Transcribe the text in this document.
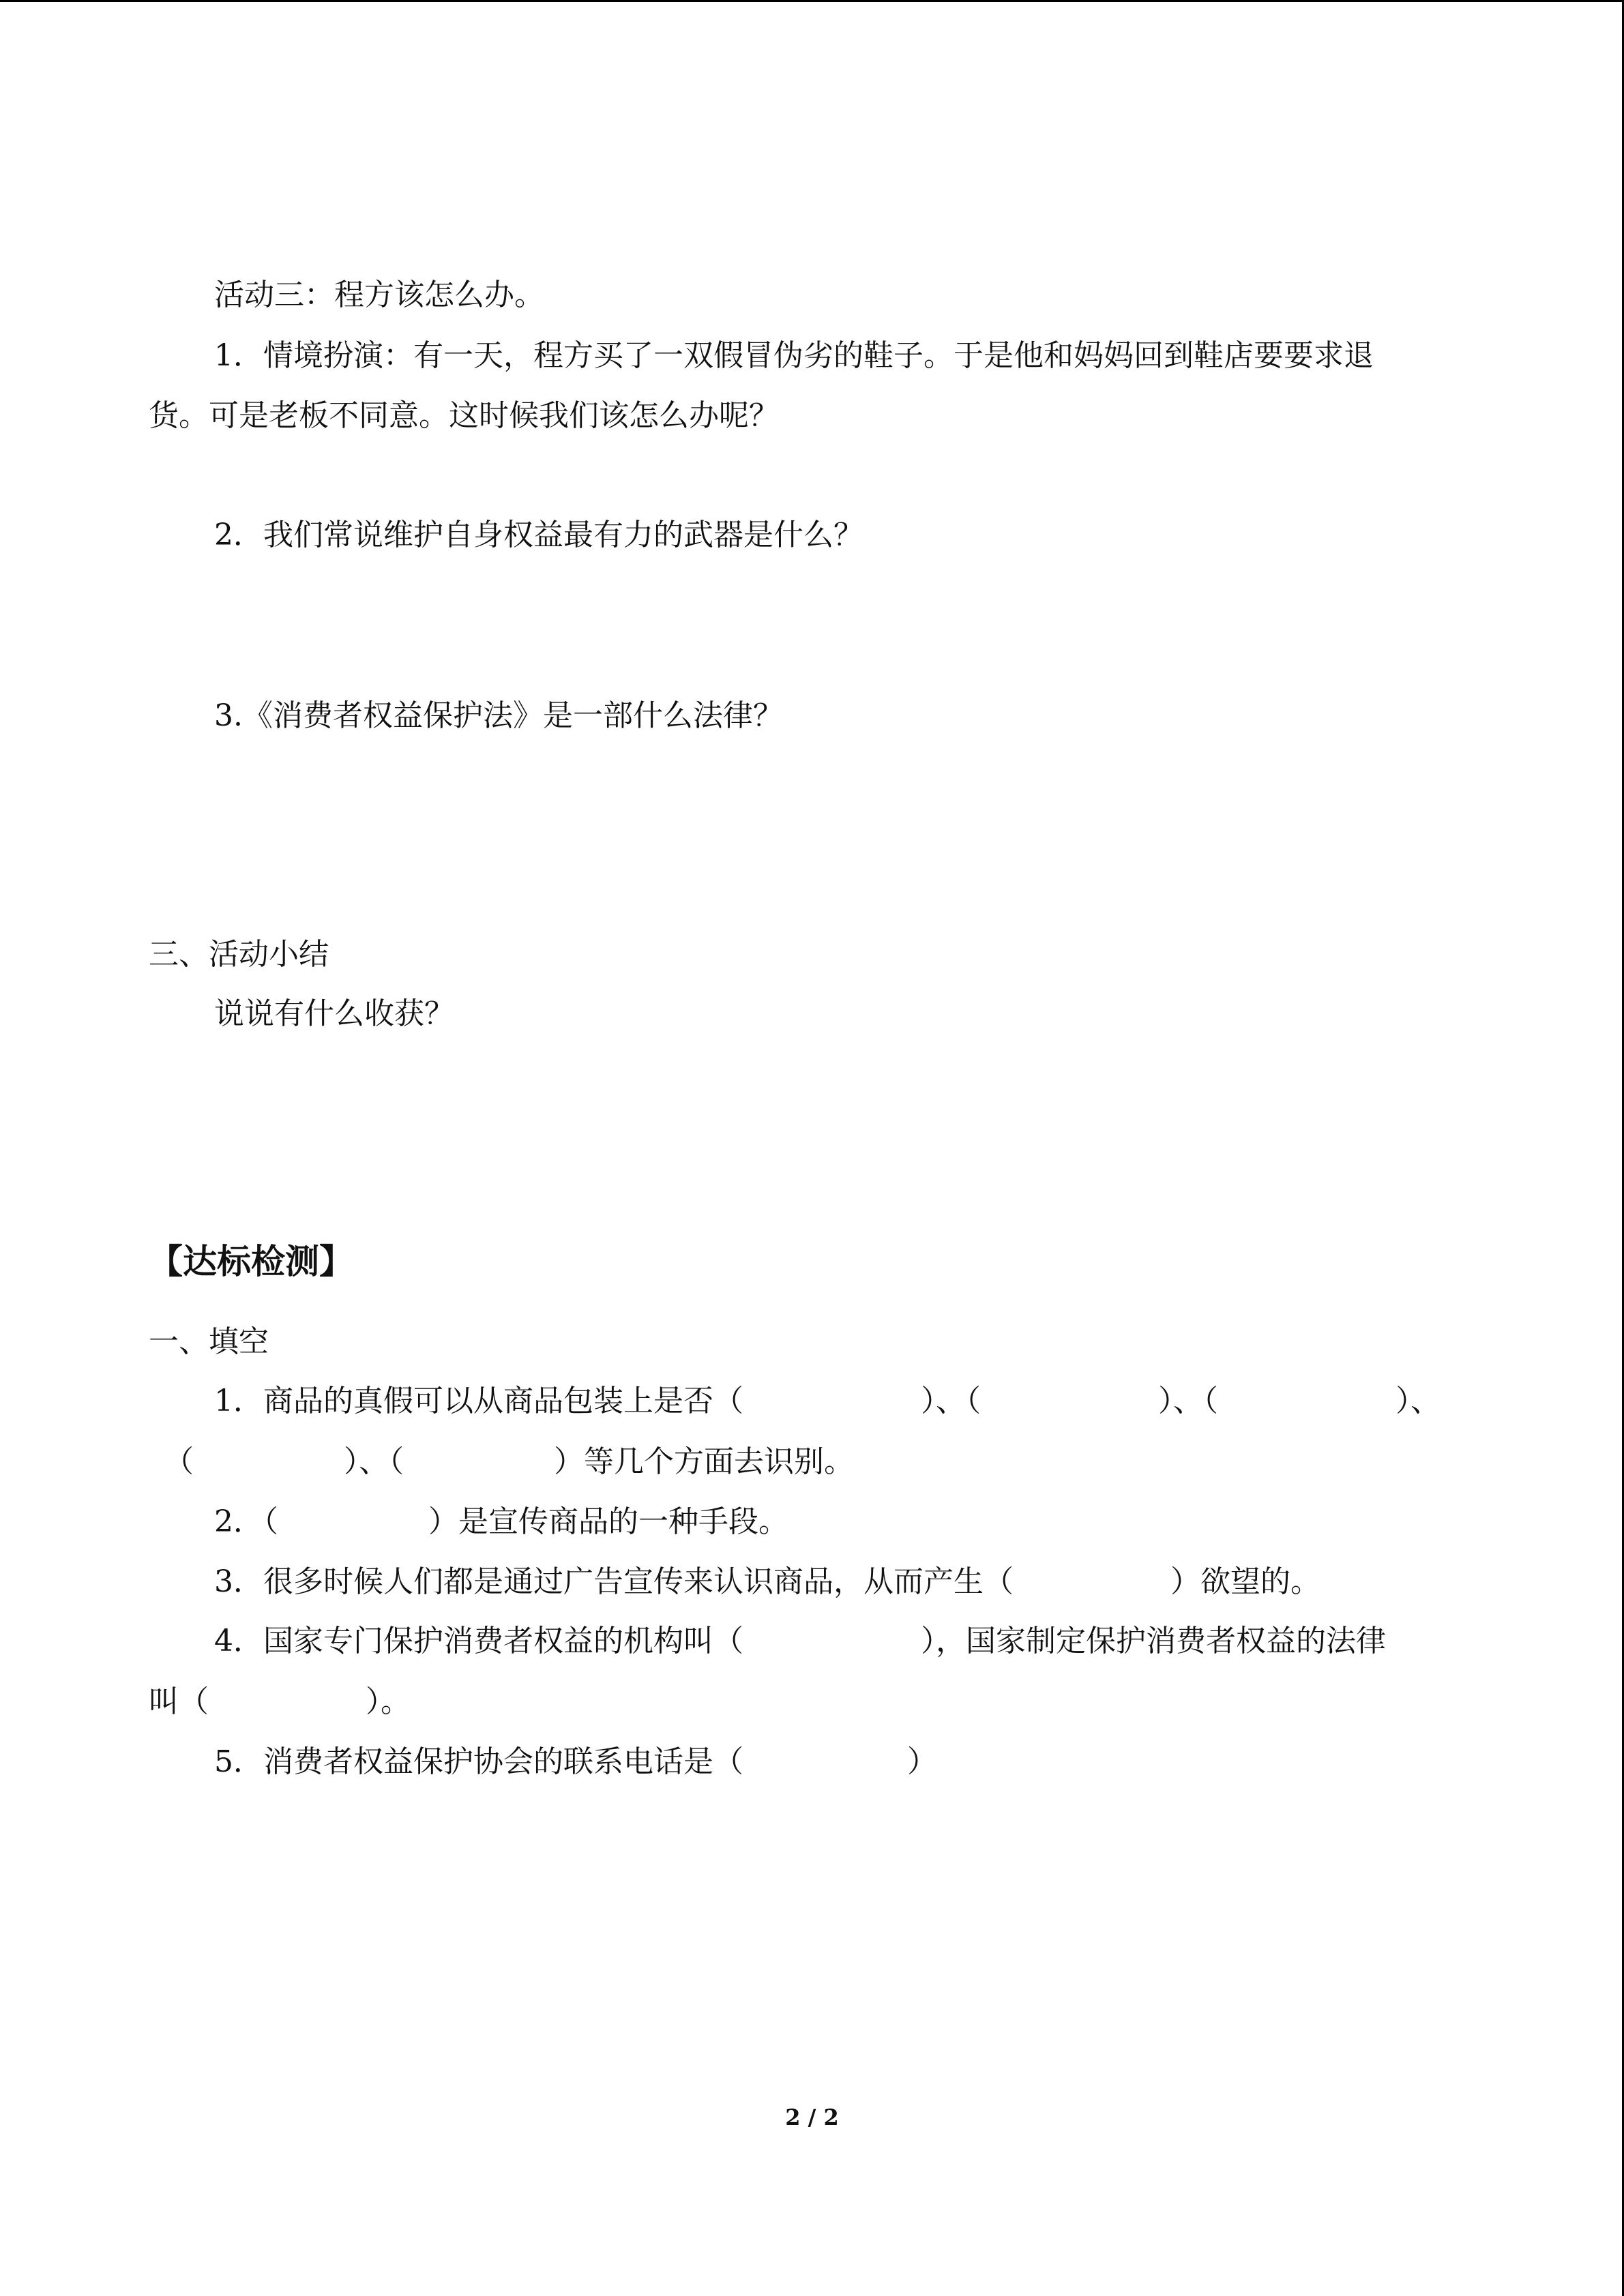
活动三：程方该怎么办。
1．情境扮演：有一天，程方买了一双假冒伪劣的鞋子。于是他和妈妈回到鞋店要要求退
货。可是老板不同意。这时候我们该怎么办呢？
2．我们常说维护自身权益最有力的武器是什么？
3.《消费者权益保护法》是一部什么法律？
三、活动小结
说说有什么收获？
【达标检测】
一、填空
1．商品的真假可以从商品包装上是否（	）、（	）、（	）、
（	）、（	）等几个方面去识别。
2．（	）是宣传商品的一种手段。
3．很多时候人们都是通过广告宣传来认识商品，从而产生（	）欲望的。
4．国家专门保护消费者权益的机构叫（	），国家制定保护消费者权益的法律
叫（	）。
5．消费者权益保护协会的联系电话是（	）
2 / 2
